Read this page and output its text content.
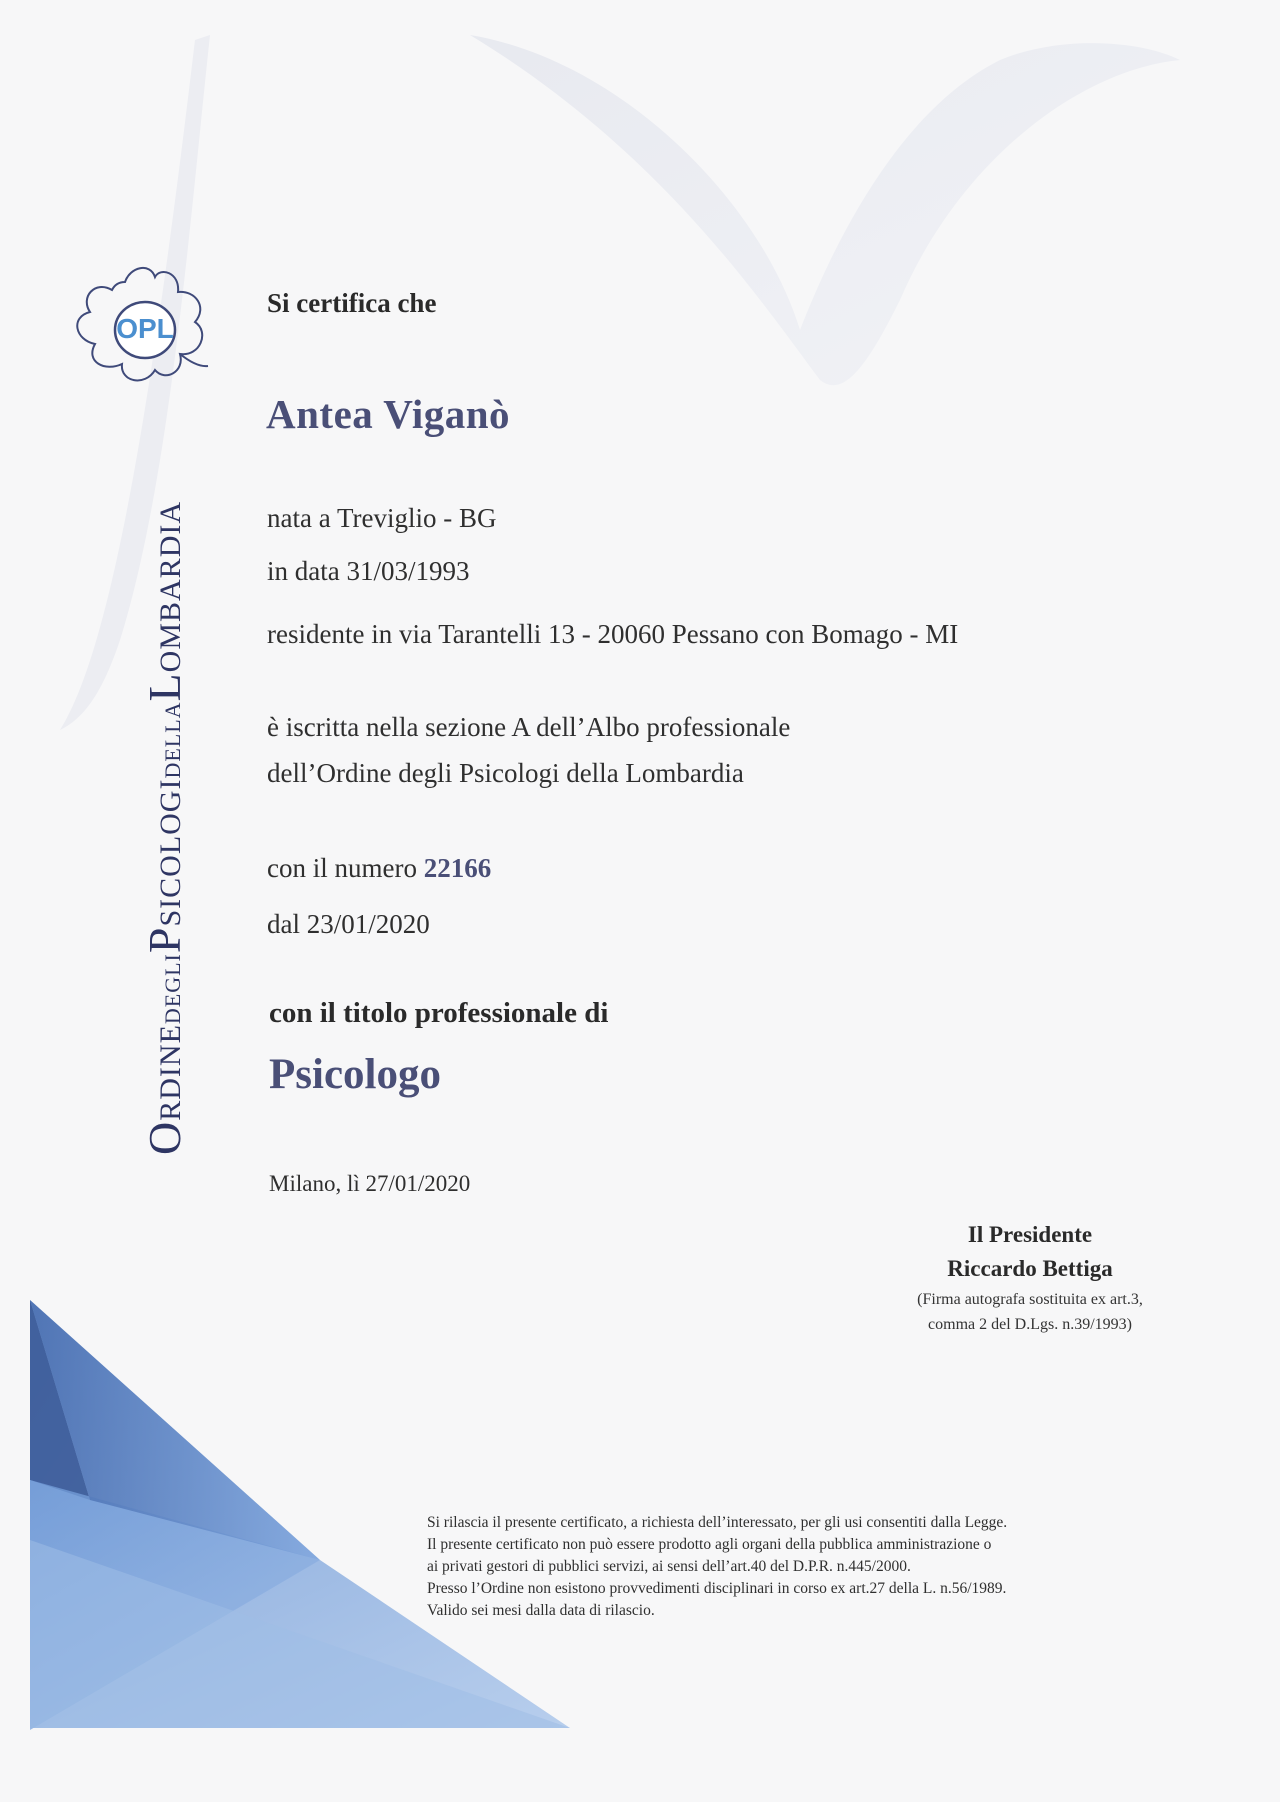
OPL
ORDINEDEGLIPSICOLOGIDELLALOMBARDIA
Si certifica che
Antea Viganò
nata a Treviglio - BG
in data 31/03/1993
residente in via Tarantelli 13 - 20060 Pessano con Bomago - MI
è iscritta nella sezione A dell’Albo professionale
dell’Ordine degli Psicologi della Lombardia
con il numero 22166
dal 23/01/2020
con il titolo professionale di
Psicologo
Milano, lì 27/01/2020
Il Presidente
Riccardo Bettiga
(Firma autografa sostituita ex art.3,
comma 2 del D.Lgs. n.39/1993)
Si rilascia il presente certificato, a richiesta dell’interessato, per gli usi consentiti dalla Legge.
Il presente certificato non può essere prodotto agli organi della pubblica amministrazione o
ai privati gestori di pubblici servizi, ai sensi dell’art.40 del D.P.R. n.445/2000.
Presso l’Ordine non esistono provvedimenti disciplinari in corso ex art.27 della L. n.56/1989.
Valido sei mesi dalla data di rilascio.
